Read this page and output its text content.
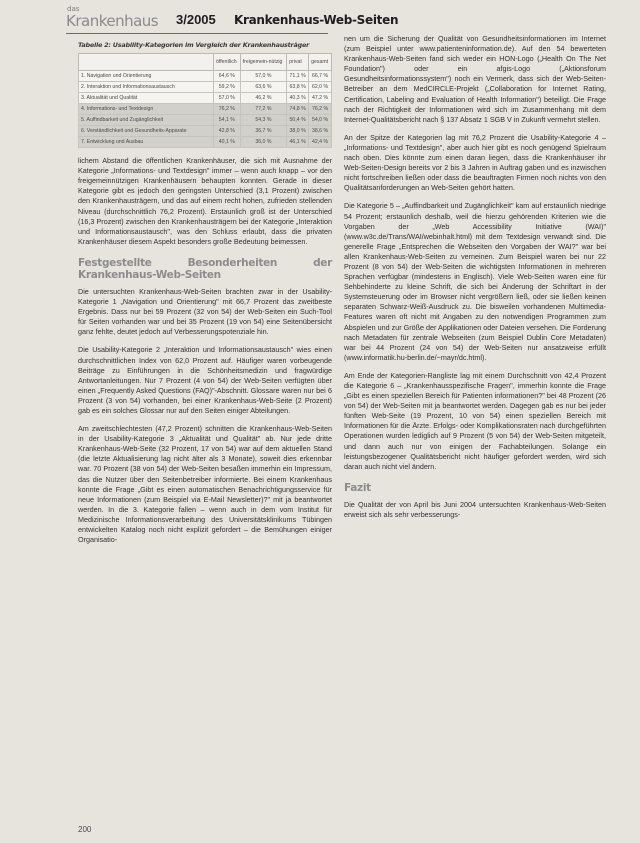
das
Krankenhaus 3/2005 Krankenhaus-Web-Seiten
Tabelle 2: Usability-Kategorien im Vergleich der Krankenhausträger
	öffentlich	freigemein-nützig	privat	gesamt
1. Navigation und Orientierung	64,6 %	57,0 %	71,1 %	66,7 %
2. Interaktion und Informationsaustausch	59,2 %	63,6 %	63,8 %	62,0 %
3. Aktualität und Qualität	57,0 %	46,2 %	40,3 %	47,2 %
4. Informations- und Textdesign	76,2 %	77,2 %	74,8 %	76,2 %
5. Auffindbarkeit und Zugänglichkeit	54,1 %	54,3 %	50,4 %	54,0 %
6. Verständlichkeit und Gesundheits-Apparate	42,8 %	36,7 %	38,0 %	38,6 %
7. Entwicklung und Ausbau	40,1 %	36,0 %	46,1 %	42,4 %

lichem Abstand die öffentlichen Krankenhäuser, die sich mit Ausnahme der Kategorie „Informations- und Textdesign" immer – wenn auch knapp – vor den freigemeinnützigen Krankenhäusern behaupten konnten. Gerade in dieser Kategorie gibt es jedoch den geringsten Unterschied (3,1 Prozent) zwischen den Krankenhausträgern, und das auf einem recht hohen, zufrieden stellenden Niveau (durchschnittlich 76,2 Prozent). Erstaunlich groß ist der Unterschied (16,3 Prozent) zwischen den Krankenhausträgern bei der Kategorie „Interaktion und Informationsaustausch", was den Schluss erlaubt, dass die privaten Krankenhäuser diesem Aspekt besonders große Bedeutung beimessen.

Festgestellte Besonderheiten der Krankenhaus-Web-Seiten

Die untersuchten Krankenhaus-Web-Seiten brachten zwar in der Usability-Kategorie 1 „Navigation und Orientierung" mit 66,7 Prozent das zweitbeste Ergebnis. Dass nur bei 59 Prozent (32 von 54) der Web-Seiten ein Such-Tool für Seiten vorhanden war und bei 35 Prozent (19 von 54) eine Seitenübersicht ganz fehlte, deutet jedoch auf Verbesserungspotenziale hin.

Die Usability-Kategorie 2 „Interaktion und Informationsaustausch" wies einen durchschnittlichen Index von 62,0 Prozent auf. Häufiger waren vorbeugende Beiträge zu Einführungen in die Schönheitsmedizin und fragwürdige Antwortanleitungen. Nur 7 Prozent (4 von 54) der Web-Seiten verfügten über einen „Frequently Asked Questions (FAQ)"-Abschnitt. Glossare waren nur bei 6 Prozent (3 von 54) vorhanden, bei einer Krankenhaus-Web-Seite (2 Prozent) gab es ein solches Glossar nur auf den Seiten einiger Abteilungen.

Am zweitschlechtesten (47,2 Prozent) schnitten die Krankenhaus-Web-Seiten in der Usability-Kategorie 3 „Aktualität und Qualität" ab. Nur jede dritte Krankenhaus-Web-Seite (32 Prozent, 17 von 54) war auf dem aktuellen Stand (die letzte Aktualisierung lag nicht älter als 3 Monate), soweit dies erkennbar war. 70 Prozent (38 von 54) der Web-Seiten besaßen immerhin ein Impressum, das die Nutzer über den Seitenbetreiber informierte. Bei einem Krankenhaus konnte die Frage „Gibt es einen automatischen Benachrichtigungsservice für neue Informationen (zum Beispiel via E-Mail Newsletter)?" mit ja beantwortet werden. In die 3. Kategorie fallen – wenn auch in dem vom Institut für Medizinische Informationsverarbeitung des Universitätsklinikums Tübingen entwickelten Katalog noch nicht explizit gefordert – die Bemühungen einiger Organisatio-

nen um die Sicherung der Qualität von Gesundheitsinformationen im Internet (zum Beispiel unter www.patienteninformation.de). Auf den 54 bewerteten Krankenhaus-Web-Seiten fand sich weder ein HON-Logo („Health On The Net Foundation") oder ein afgis-Logo („Aktionsforum Gesundheitsinformationssystem") noch ein Vermerk, dass sich der Web-Seiten-Betreiber an dem MedCIRCLE-Projekt („Collaboration for Internet Rating, Certification, Labeling and Evaluation of Health Information") beteiligt. Die Frage nach der Richtigkeit der Informationen wird sich im Zusammenhang mit dem Internet-Qualitätsbericht nach § 137 Absatz 1 SGB V in Zukunft vermehrt stellen.

An der Spitze der Kategorien lag mit 76,2 Prozent die Usability-Kategorie 4 – „Informations- und Textdesign", aber auch hier gibt es noch genügend Spielraum nach oben. Dies könnte zum einen daran liegen, dass die Krankenhäuser ihr Web-Seiten-Design bereits vor 2 bis 3 Jahren in Auftrag gaben und es inzwischen nicht fortschreiben ließen oder dass die beauftragten Firmen noch nichts von den Qualitätsanforderungen an Web-Seiten gehört hatten.

Die Kategorie 5 – „Auffindbarkeit und Zugänglichkeit" kam auf erstaunlich niedrige 54 Prozent; erstaunlich deshalb, weil die hierzu gehörenden Kriterien wie die Vorgaben der „Web Accessibility Initiative (WAI)" (www.w3c.de/Trans/WAI/webinhalt.html) mit dem Textdesign verwandt sind. Die generelle Frage „Entsprechen die Webseiten den Vorgaben der WAI?" war bei allen Krankenhaus-Web-Seiten zu verneinen. Zum Beispiel waren bei nur 22 Prozent (8 von 54) der Web-Seiten die wichtigsten Informationen in mehreren Sprachen verfügbar (mindestens in Englisch). Viele Web-Seiten waren eine für Sehbehinderte zu kleine Schrift, die sich bei Änderung der Schriftart in der Systemsteuerung oder im Browser nicht vergrößern ließ, oder sie ließen keinen separaten Schwarz-Weiß-Ausdruck zu. Die bisweilen vorhandenen Multimedia-Features waren oft nicht mit Angaben zu den notwendigen Programmen zum Abspielen und zur Größe der Applikationen oder Dateien versehen. Die Forderung nach Metadaten für zentrale Webseiten (zum Beispiel Dublin Core Metadaten) war bei 44 Prozent (24 von 54) der Web-Seiten nur ansatzweise erfüllt (www.informatik.hu-berlin.de/~mayr/dc.html).

Am Ende der Kategorien-Rangliste lag mit einem Durchschnitt von 42,4 Prozent die Kategorie 6 – „Krankenhausspezifische Fragen", immerhin konnte die Frage „Gibt es einen speziellen Bereich für Patienten informationen?" bei 48 Prozent (26 von 54) der Web-Seiten mit ja beantwortet werden. Dagegen gab es nur bei jeder fünften Web-Seite (19 Prozent, 10 von 54) einen speziellen Bereich mit Informationen für die Ärzte. Erfolgs- oder Komplikationsraten nach durchgeführten Operationen wurden lediglich auf 9 Prozent (5 von 54) der Web-Seiten mitgeteilt, und dann auch nur von einigen der Fachabteilungen. Solange ein leistungsbezogener Qualitätsbericht nicht häufiger gefordert werden, wird sich daran auch nicht viel ändern.

Fazit

Die Qualität der von April bis Juni 2004 untersuchten Krankenhaus-Web-Seiten erweist sich als sehr verbesserungs-

200
